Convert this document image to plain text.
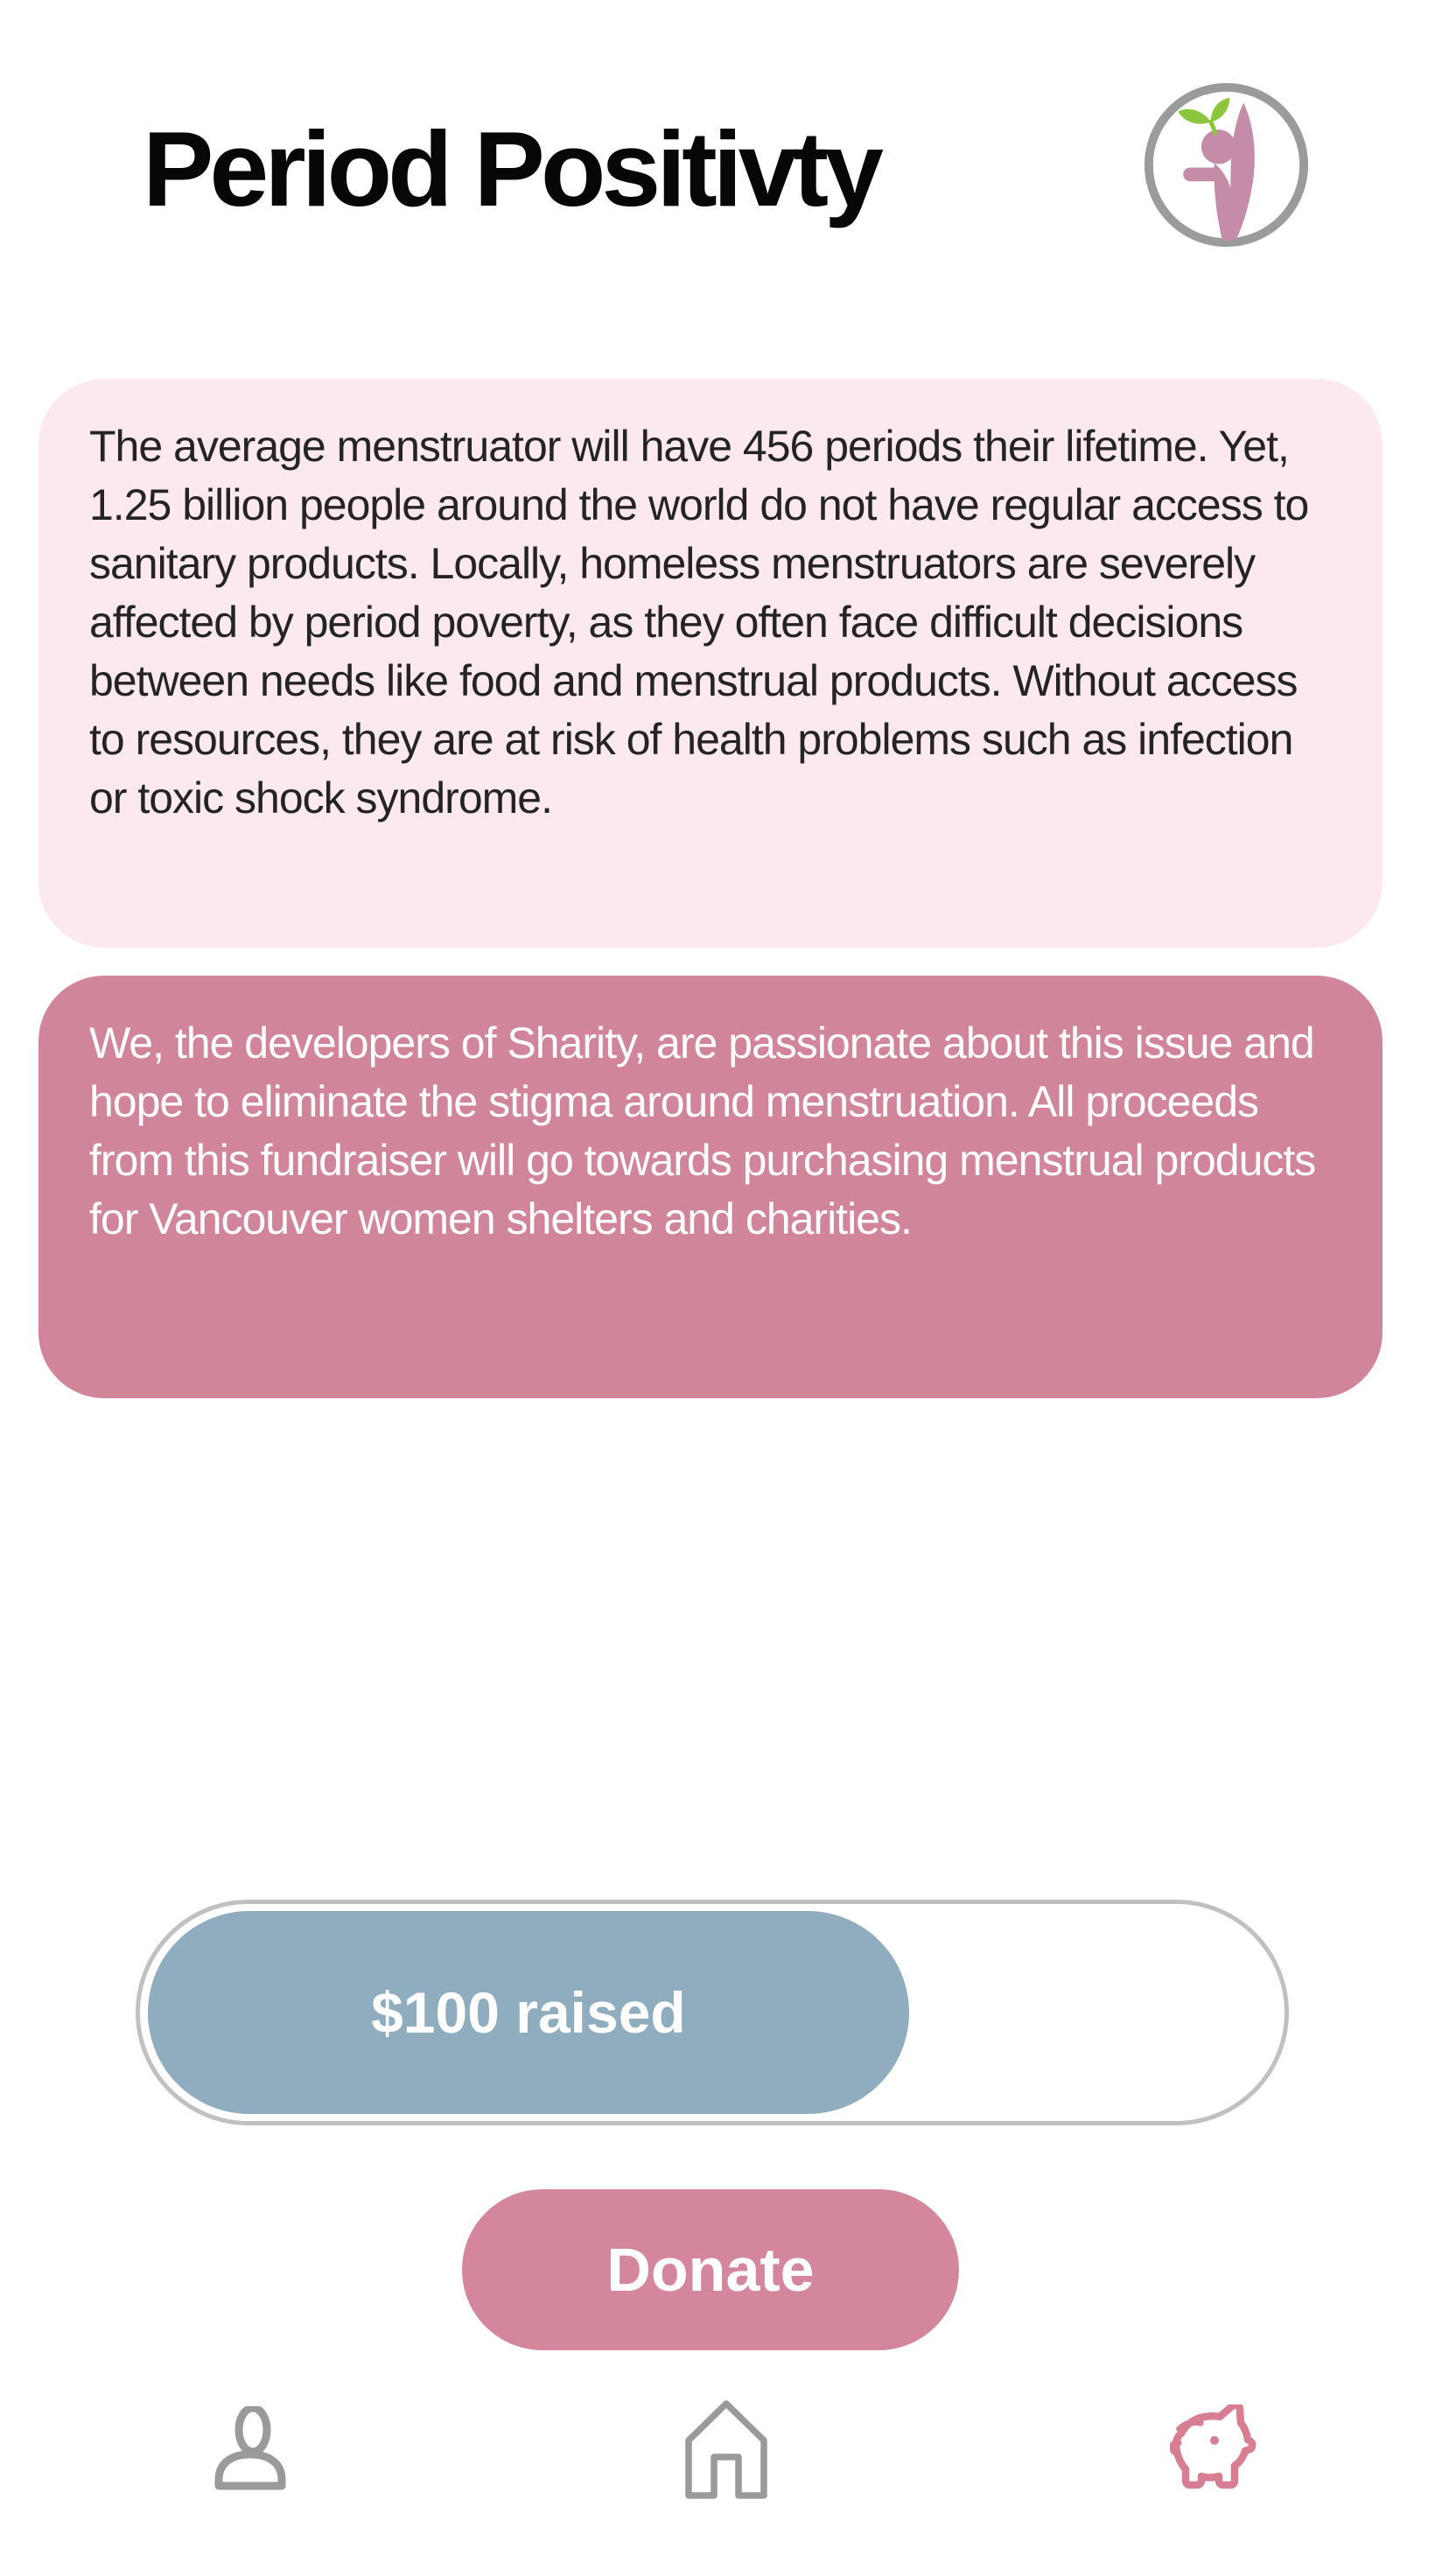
Period Positivty

The average menstruator will have 456 periods their lifetime. Yet, 1.25 billion people around the world do not have regular access to sanitary products. Locally, homeless menstruators are severely affected by period poverty, as they often face difficult decisions between needs like food and menstrual products. Without access to resources, they are at risk of health problems such as infection or toxic shock syndrome.

We, the developers of Sharity, are passionate about this issue and hope to eliminate the stigma around menstruation. All proceeds from this fundraiser will go towards purchasing menstrual products for Vancouver women shelters and charities.

$100 raised
Donate
